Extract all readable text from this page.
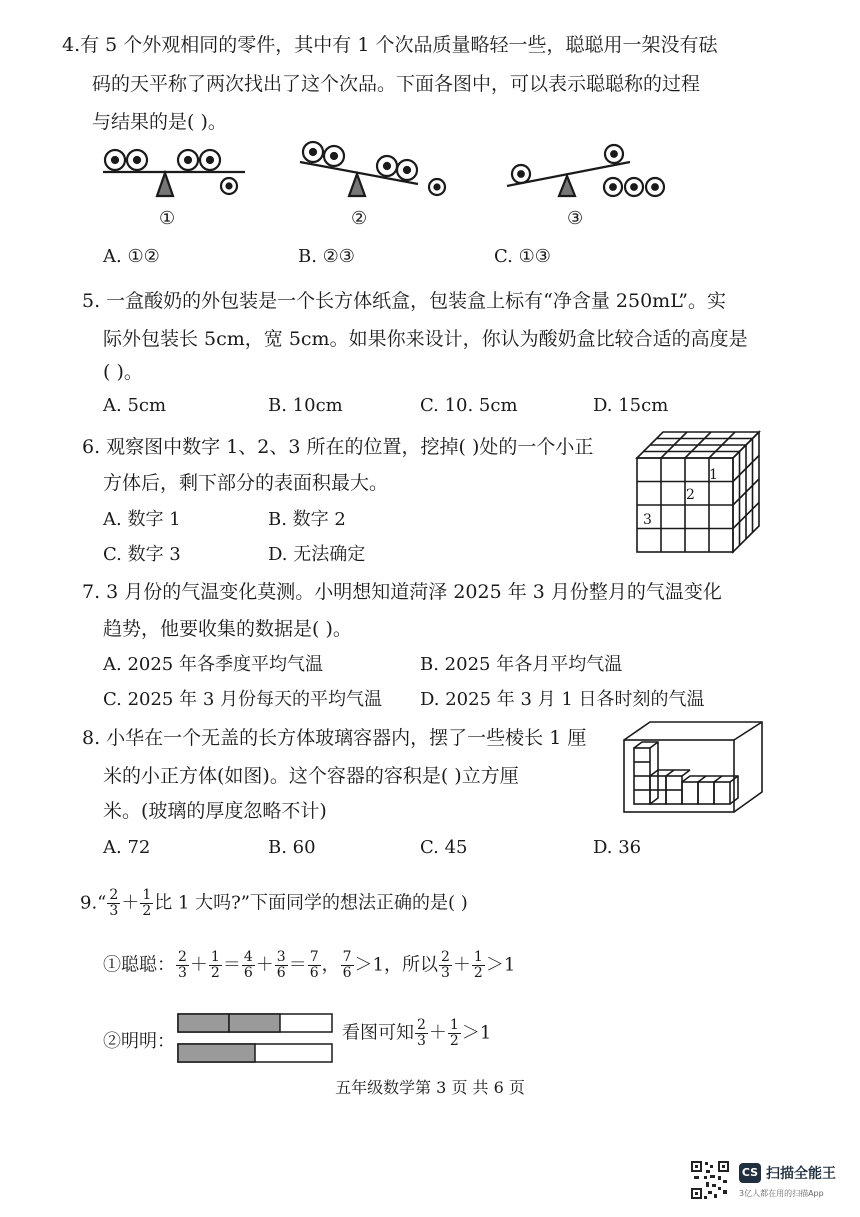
4.有 5 个外观相同的零件，其中有 1 个次品质量略轻一些，聪聪用一架没有砝
码的天平称了两次找出了这个次品。下面各图中，可以表示聪聪称的过程
与结果的是( )。
①	②	③
A. ①②	B. ②③	C. ①③
5. 一盒酸奶的外包装是一个长方体纸盒，包装盒上标有“净含量 250mL”。实
际外包装长 5cm，宽 5cm。如果你来设计，你认为酸奶盒比较合适的高度是
( )。
A. 5cm	B. 10cm	C. 10. 5cm	D. 15cm
6. 观察图中数字 1、2、3 所在的位置，挖掉( )处的一个小正
方体后，剩下部分的表面积最大。
A. 数字 1	B. 数字 2
C. 数字 3	D. 无法确定
1
2
3
7. 3 月份的气温变化莫测。小明想知道菏泽 2025 年 3 月份整月的气温变化
趋势，他要收集的数据是( )。
A. 2025 年各季度平均气温	B. 2025 年各月平均气温
C. 2025 年 3 月份每天的平均气温 D. 2025 年 3 月 1 日各时刻的气温
8. 小华在一个无盖的长方体玻璃容器内，摆了一些棱长 1 厘
米的小正方体(如图)。这个容器的容积是( )立方厘
米。(玻璃的厚度忽略不计)
A. 72	B. 60	C. 45	D. 36
9.“ $\frac{2}{3} + \frac{1}{2}$ 比 1 大吗?”下面同学的想法正确的是( )
①聪聪： $\frac{2}{3} + \frac{1}{2} = \frac{4}{6} + \frac{3}{6} = \frac{7}{6}$ ， $\frac{7}{6} >1$，所以 $\frac{2}{3} + \frac{1}{2} >1$
②明明：	看图可知 $\frac{2}{3} + \frac{1}{2} >1$
五年级数学第 3 页 共 6 页
CS 扫描全能王
3亿人都在用的扫描App
